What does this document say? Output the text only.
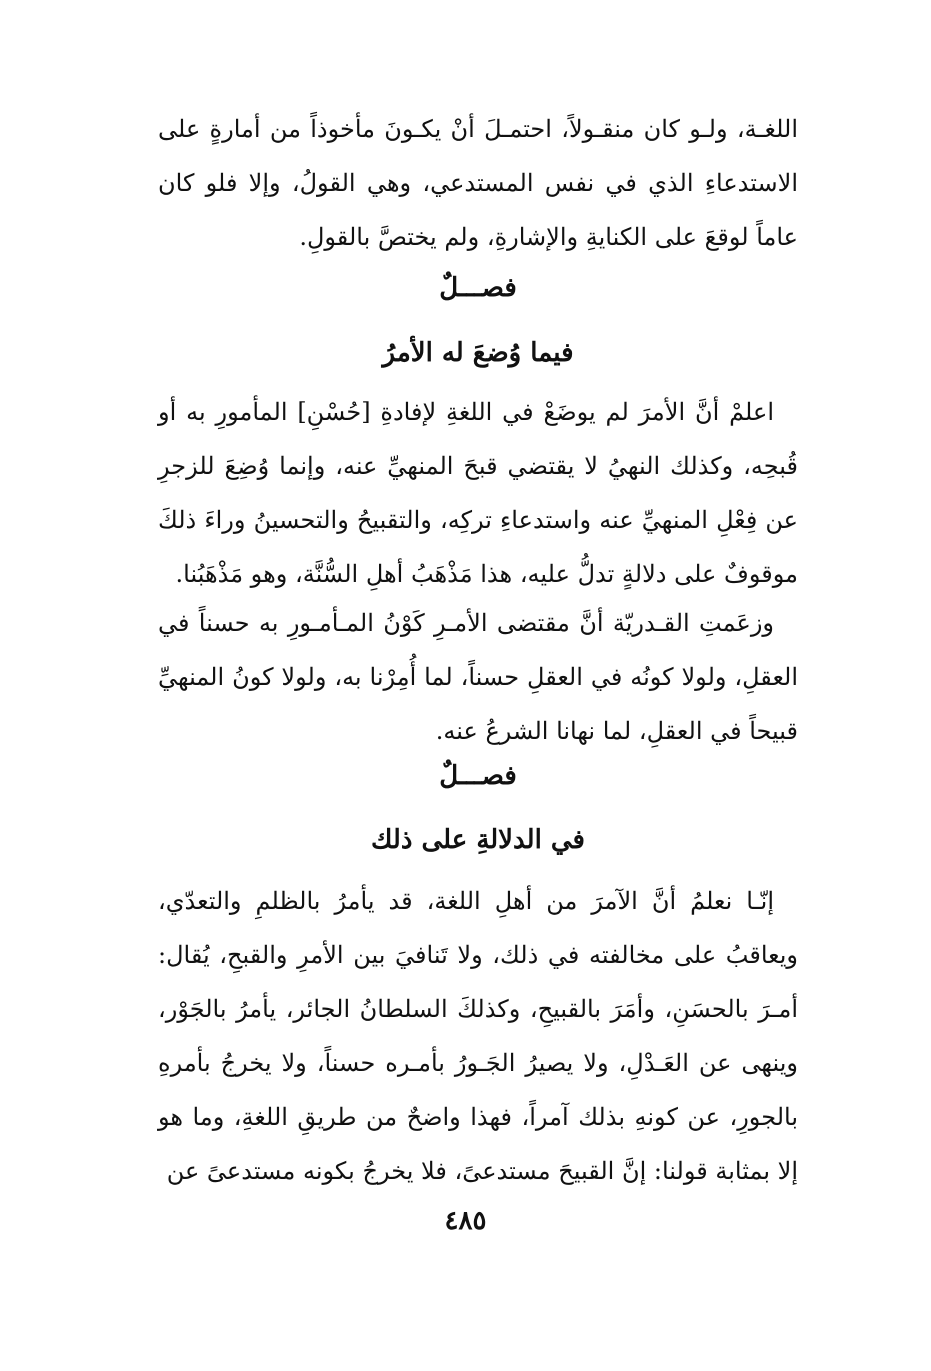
اللغـة، ولـو كان منقـولاً، احتمـلَ أنْ يكـونَ مأخوذاً من أمارةٍ على الاستدعاءِ الذي في نفس المستدعي، وهي القولُ، وإلا فلو كان عاماً لوقعَ على الكنايةِ والإشارةِ، ولم يختصَّ بالقولِ.

فصـــلٌ
فيما وُضعَ له الأمرُ

اعلمْ أنَّ الأمرَ لم يوضَعْ في اللغةِ لإفادةِ [حُسْنِ] المأمورِ به أو قُبحِه، وكذلك النهيُ لا يقتضي قبحَ المنهيِّ عنه، وإنما وُضِعَ للزجرِ عن فِعْلِ المنهيِّ عنه واستدعاءِ تركِه، والتقبيحُ والتحسينُ وراءَ ذلكَ موقوفٌ على دلالةٍ تدلُّ عليه، هذا مَذْهَبُ أهلِ السُّنَّة، وهو مَذْهَبُنا.

وزعَمتِ القـدريّة أنَّ مقتضى الأمـرِ كَوْنُ المـأمـورِ به حسناً في العقلِ، ولولا كونُه في العقلِ حسناً، لما أُمِرْنا به، ولولا كونُ المنهيِّ قبيحاً في العقلِ، لما نهانا الشرعُ عنه.

فصـــلٌ
في الدلالةِ على ذلك

إنّـا نعلمُ أنَّ الآمرَ من أهلِ اللغة، قد يأمرُ بالظلمِ والتعدّي، ويعاقبُ على مخالفته في ذلك، ولا تَنافيَ بين الأمرِ والقبحِ، يُقال: أمـرَ بالحسَنِ، وأمَرَ بالقبيحِ، وكذلكَ السلطانُ الجائر، يأمرُ بالجَوْر، وينهى عن العَـدْلِ، ولا يصيرُ الجَـورُ بأمـره حسناً، ولا يخرجُ بأمرهِ بالجورِ، عن كونهِ بذلك آمراً، فهذا واضحٌ من طريقِ اللغةِ، وما هو إلا بمثابة قولنا: إنَّ القبيحَ مستدعىً، فلا يخرجُ بكونه مستدعىً عن

٤٨٥
